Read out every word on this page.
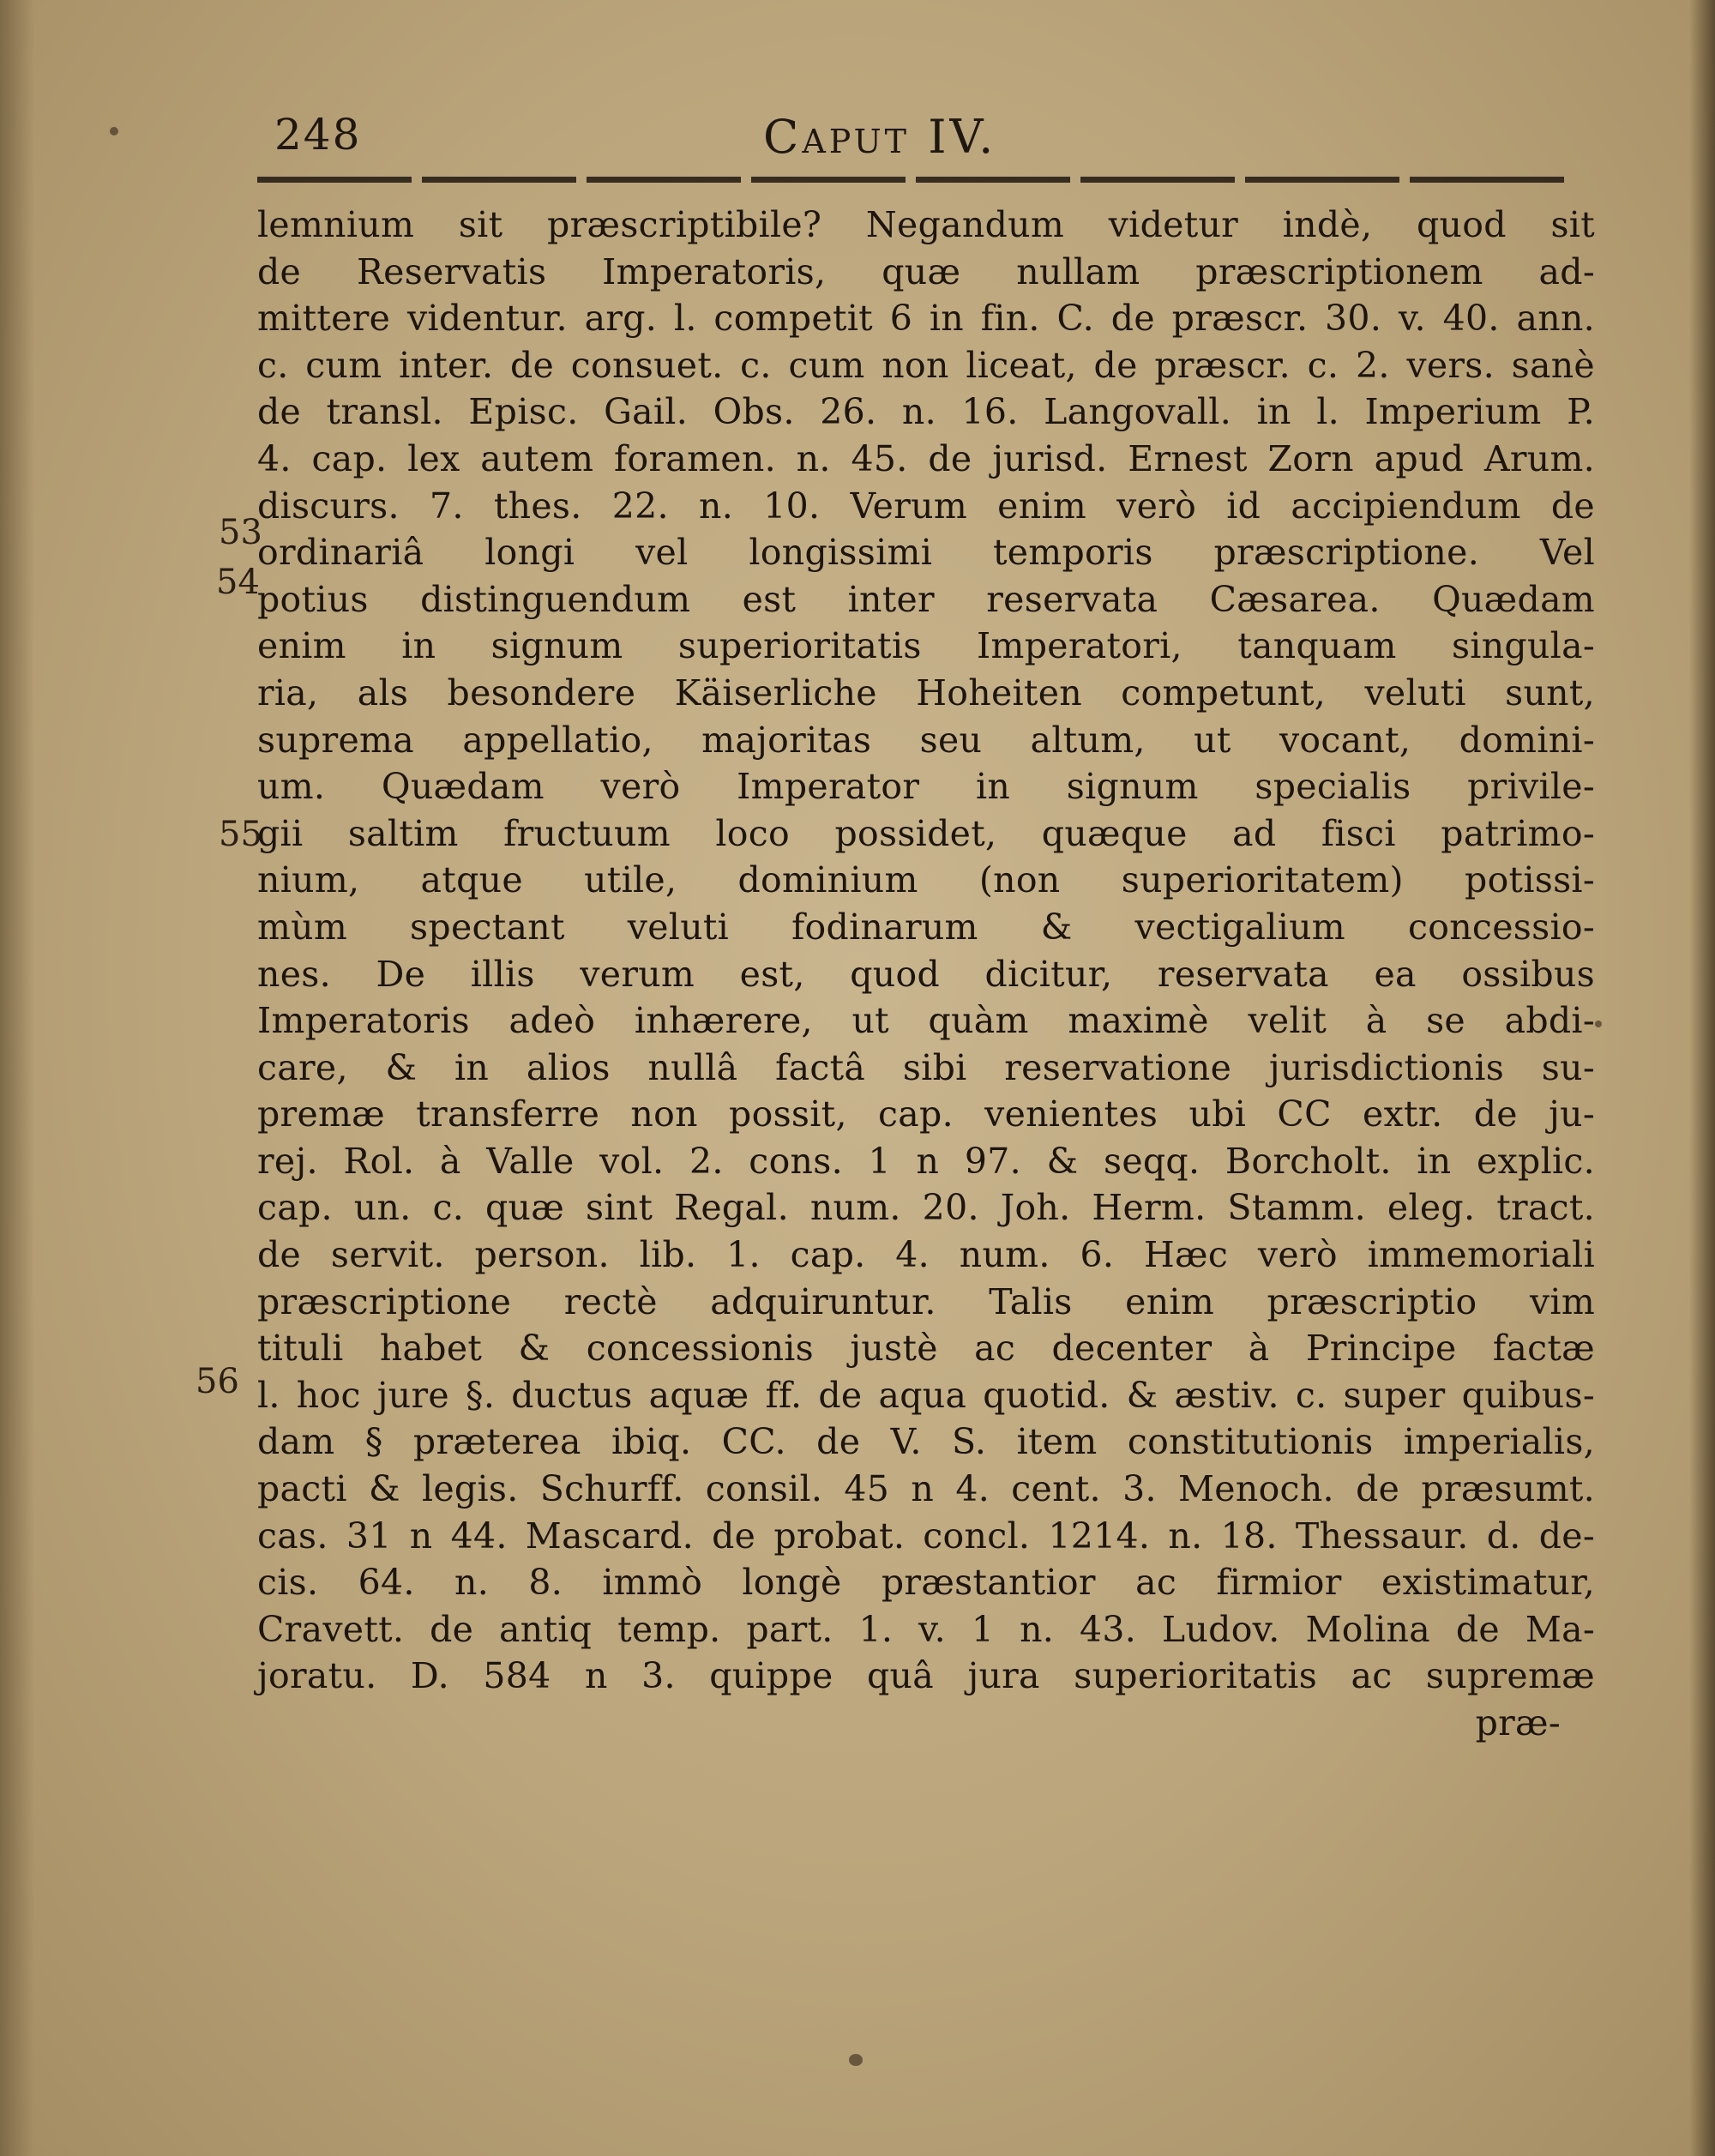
248	Caput IV.
53
54
55
56
lemnium sit præscriptibile? Negandum videtur indè, quod sit
de Reservatis Imperatoris, quæ nullam præscriptionem ad-
mittere videntur. arg. l. competit 6 in fin. C. de præscr. 30. v. 40. ann.
c. cum inter. de consuet. c. cum non liceat, de præscr. c. 2. vers. sanè
de transl. Episc. Gail. Obs. 26. n. 16. Langovall. in l. Imperium P.
4. cap. lex autem foramen. n. 45. de jurisd. Ernest Zorn apud Arum.
discurs. 7. thes. 22. n. 10. Verum enim verò id accipiendum de
ordinariâ longi vel longissimi temporis præscriptione. Vel
potius distinguendum est inter reservata Cæsarea. Quædam
enim in signum superioritatis Imperatori, tanquam singula-
ria, als besondere Käiserliche Hoheiten competunt, veluti sunt,
suprema appellatio, majoritas seu altum, ut vocant, domini-
um. Quædam verò Imperator in signum specialis privile-
gii saltim fructuum loco possidet, quæque ad fisci patrimo-
nium, atque utile, dominium (non superioritatem) potissi-
mùm spectant veluti fodinarum & vectigalium concessio-
nes. De illis verum est, quod dicitur, reservata ea ossibus
Imperatoris adeò inhærere, ut quàm maximè velit à se abdi-
care, & in alios nullâ factâ sibi reservatione jurisdictionis su-
premæ transferre non possit, cap. venientes ubi CC extr. de ju-
rej. Rol. à Valle vol. 2. cons. 1 n 97. & seqq. Borcholt. in explic.
cap. un. c. quæ sint Regal. num. 20. Joh. Herm. Stamm. eleg. tract.
de servit. person. lib. 1. cap. 4. num. 6. Hæc verò immemoriali
præscriptione rectè adquiruntur. Talis enim præscriptio vim
tituli habet & concessionis justè ac decenter à Principe factæ
l. hoc jure §. ductus aquæ ff. de aqua quotid. & æstiv. c. super quibus-
dam § præterea ibiq. CC. de V. S. item constitutionis imperialis,
pacti & legis. Schurff. consil. 45 n 4. cent. 3. Menoch. de præsumt.
cas. 31 n 44. Mascard. de probat. concl. 1214. n. 18. Thessaur. d. de-
cis. 64. n. 8. immò longè præstantior ac firmior existimatur,
Cravett. de antiq temp. part. 1. v. 1 n. 43. Ludov. Molina de Ma-
joratu. D. 584 n 3. quippe quâ jura superioritatis ac supremæ
præ-
